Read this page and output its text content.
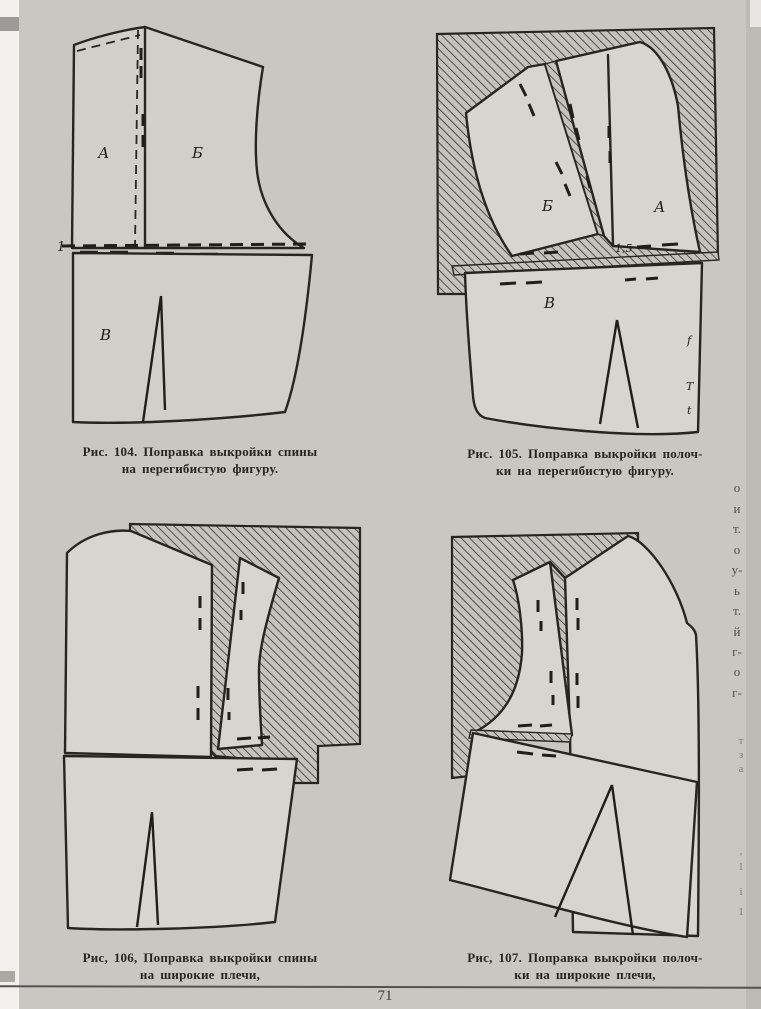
А	Б
В
1
Рис. 104. Поправка выкройки спины
на перегибистую фигуру.
Б	А
В
1,5
f
T
t
Рис. 105. Поправка выкройки полоч-
ки на перегибистую фигуру.
Рис, 106, Поправка выкройки спины
на широкие плечи,
Рис, 107. Поправка выкройки полоч-
ки на широкие плечи,
о
и
т.
о
у-
ь
т.
й
г-
о
г-
т
з
а
,
l
i
1
71
